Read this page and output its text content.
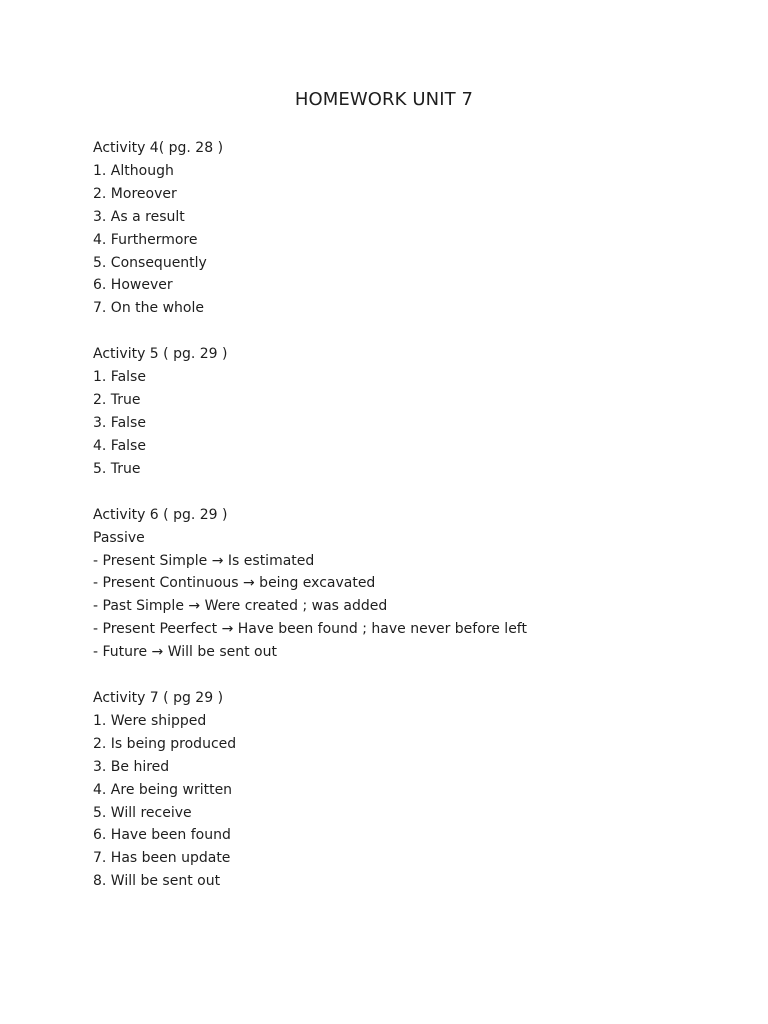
HOMEWORK UNIT 7
Activity 4( pg. 28 )
1. Although
2. Moreover
3. As a result
4. Furthermore
5. Consequently
6. However
7. On the whole
Activity 5 ( pg. 29 )
1. False
2. True
3. False
4. False
5. True
Activity 6 ( pg. 29 )
Passive
- Present Simple → Is estimated
- Present Continuous → being excavated
- Past Simple → Were created ; was added
- Present Peerfect → Have been found ; have never before left
- Future → Will be sent out
Activity 7 ( pg 29 )
1. Were shipped
2. Is being produced
3. Be hired
4. Are being written
5. Will receive
6. Have been found
7. Has been update
8. Will be sent out
